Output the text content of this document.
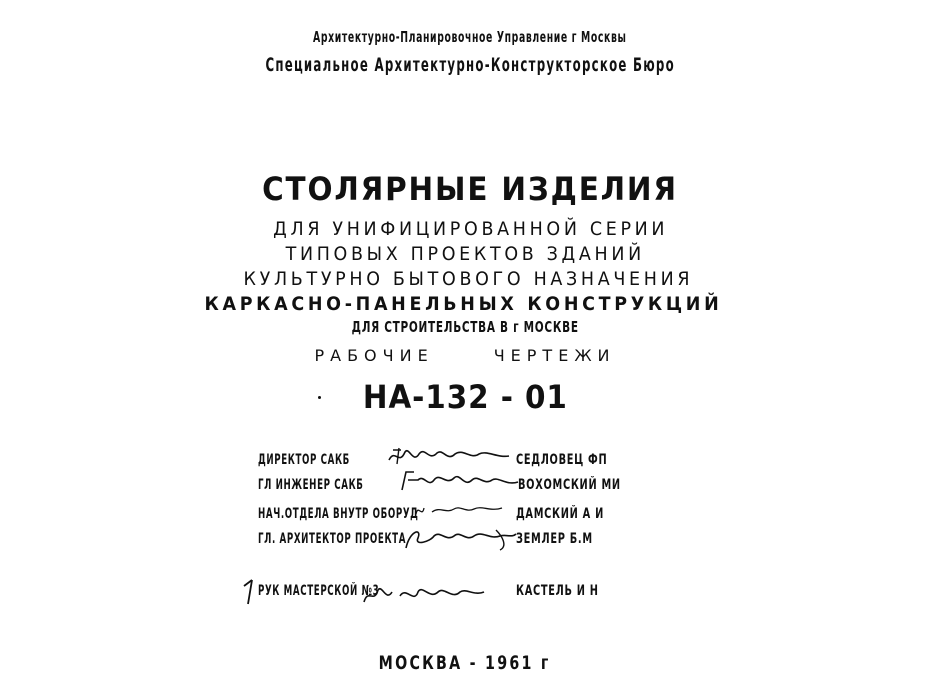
Архитектурно-Планировочное Управление г Москвы
Специальное Архитектурно-Конструкторское Бюро
СТОЛЯРНЫЕ ИЗДЕЛИЯ
ДЛЯ УНИФИЦИРОВАННОЙ СЕРИИ
ТИПОВЫХ ПРОЕКТОВ ЗДАНИЙ
КУЛЬТУРНО БЫТОВОГО НАЗНАЧЕНИЯ
КАРКАСНО-ПАНЕЛЬНЫХ КОНСТРУКЦИЙ
ДЛЯ СТРОИТЕЛЬСТВА В г МОСКВЕ
РАБОЧИЕ	ЧЕРТЕЖИ
НА-132 - 01
ДИРЕКТОР САКБ	СЕДЛОВЕЦ ФП
ГЛ ИНЖЕНЕР САКБ	ВОХОМСКИЙ МИ
НАЧ.ОТДЕЛА ВНУТР ОБОРУД	ДАМСКИЙ А И
ГЛ. АРХИТЕКТОР ПРОЕКТА	ЗЕМЛЕР Б.М
РУК МАСТЕРСКОЙ №3	КАСТЕЛЬ И Н
МОСКВА - 1961 г
